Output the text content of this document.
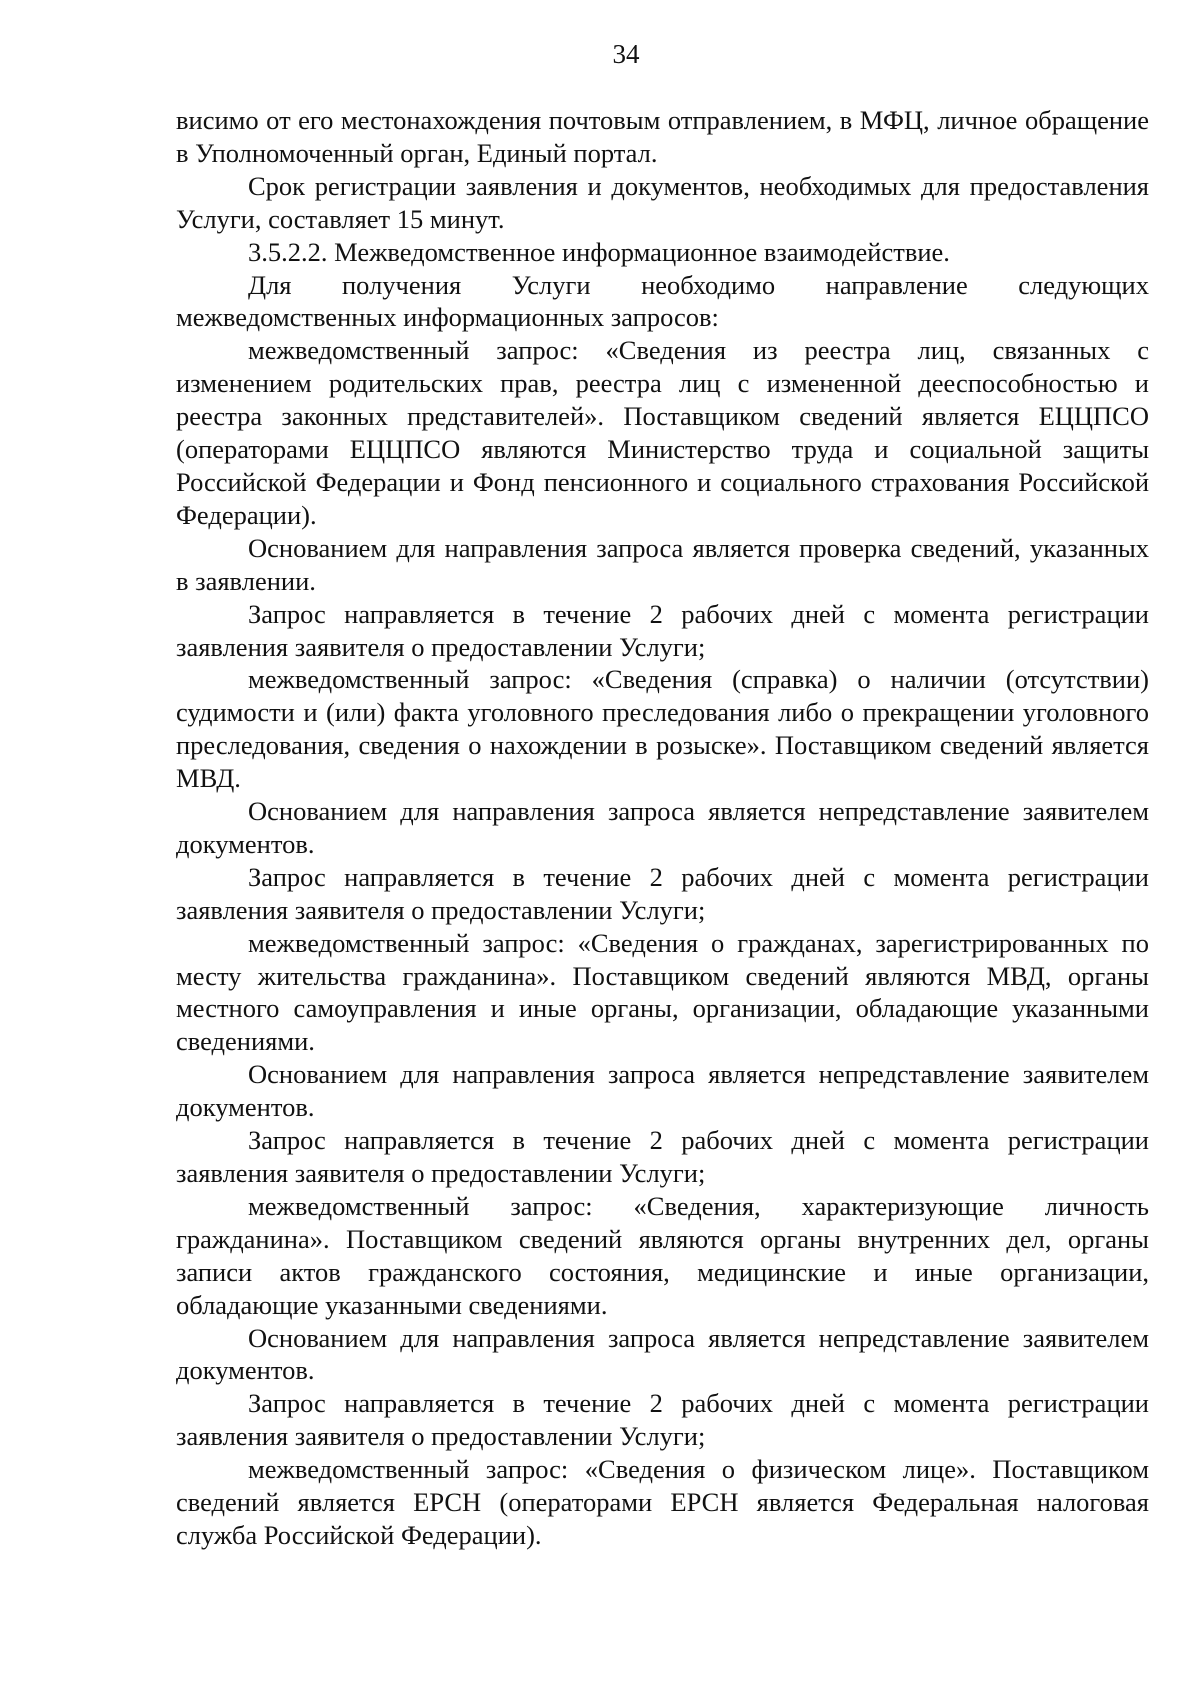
34

висимо от его местонахождения почтовым отправлением, в МФЦ, личное обращение в Уполномоченный орган, Единый портал.

Срок регистрации заявления и документов, необходимых для предоставления Услуги, составляет 15 минут.

3.5.2.2. Межведомственное информационное взаимодействие.

Для получения Услуги необходимо направление следующих межведомственных информационных запросов:

межведомственный запрос: «Сведения из реестра лиц, связанных с изменением родительских прав, реестра лиц с измененной дееспособностью и реестра законных представителей». Поставщиком сведений является ЕЦЦПСО (операторами ЕЦЦПСО являются Министерство труда и социальной защиты Российской Федерации и Фонд пенсионного и социального страхования Российской Федерации).

Основанием для направления запроса является проверка сведений, указанных в заявлении.

Запрос направляется в течение 2 рабочих дней с момента регистрации заявления заявителя о предоставлении Услуги;

межведомственный запрос: «Сведения (справка) о наличии (отсутствии) судимости и (или) факта уголовного преследования либо о прекращении уголовного преследования, сведения о нахождении в розыске». Поставщиком сведений является МВД.

Основанием для направления запроса является непредставление заявителем документов.

Запрос направляется в течение 2 рабочих дней с момента регистрации заявления заявителя о предоставлении Услуги;

межведомственный запрос: «Сведения о гражданах, зарегистрированных по месту жительства гражданина». Поставщиком сведений являются МВД, органы местного самоуправления и иные органы, организации, обладающие указанными сведениями.

Основанием для направления запроса является непредставление заявителем документов.

Запрос направляется в течение 2 рабочих дней с момента регистрации заявления заявителя о предоставлении Услуги;

межведомственный запрос: «Сведения, характеризующие личность гражданина». Поставщиком сведений являются органы внутренних дел, органы записи актов гражданского состояния, медицинские и иные организации, обладающие указанными сведениями.

Основанием для направления запроса является непредставление заявителем документов.

Запрос направляется в течение 2 рабочих дней с момента регистрации заявления заявителя о предоставлении Услуги;

межведомственный запрос: «Сведения о физическом лице». Поставщиком сведений является ЕРСН (операторами ЕРСН является Федеральная налоговая служба Российской Федерации).
